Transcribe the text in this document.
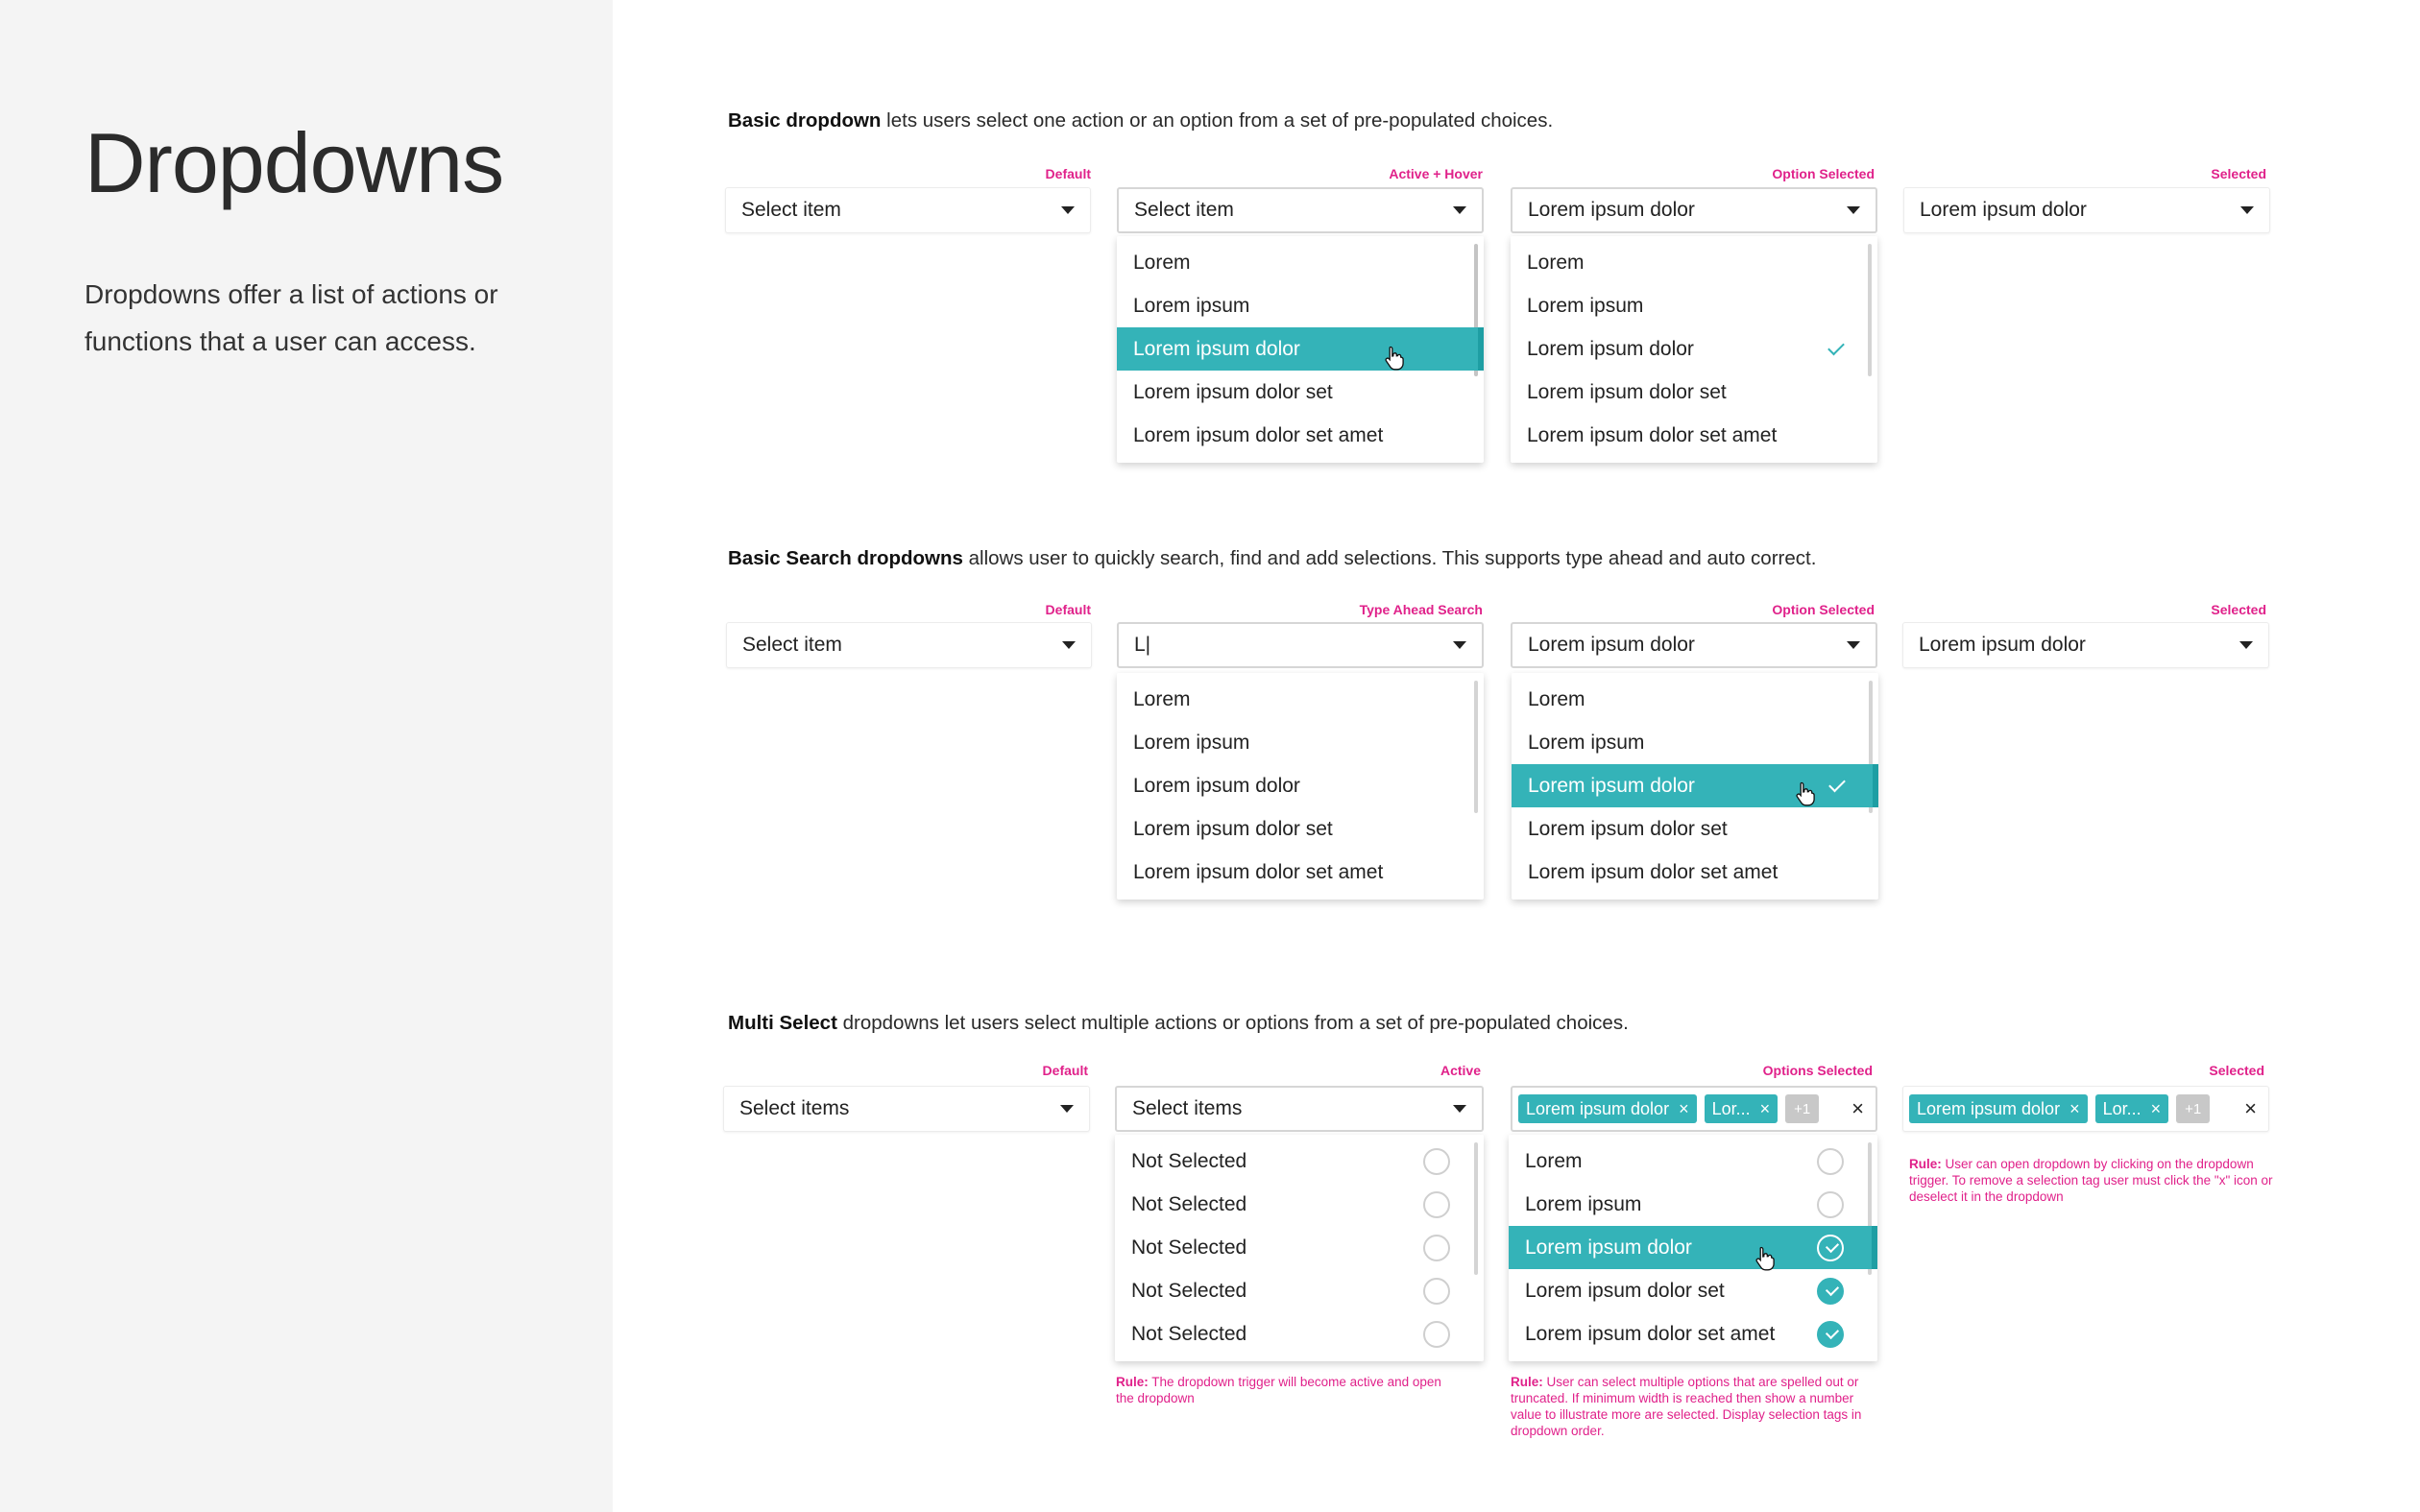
Dropdowns

Dropdowns offer a list of actions or functions that a user can access.

Basic dropdown lets users select one action or an option from a set of pre-populated choices.
Default	Active + Hover	Option Selected	Selected
Select item	Select item	Lorem ipsum dolor	Lorem ipsum dolor
Lorem
Lorem ipsum
Lorem ipsum dolor
Lorem ipsum dolor set
Lorem ipsum dolor set amet
Lorem
Lorem ipsum
Lorem ipsum dolor
Lorem ipsum dolor set
Lorem ipsum dolor set amet
Basic Search dropdowns allows user to quickly search, find and add selections. This supports type ahead and auto correct.
Default	Type Ahead Search	Option Selected	Selected
Select item	L|	Lorem ipsum dolor	Lorem ipsum dolor
Lorem
Lorem ipsum
Lorem ipsum dolor
Lorem ipsum dolor set
Lorem ipsum dolor set amet
Lorem
Lorem ipsum
Lorem ipsum dolor
Lorem ipsum dolor set
Lorem ipsum dolor set amet
Multi Select dropdowns let users select multiple actions or options from a set of pre-populated choices.
Default	Active	Options Selected	Selected
Select items	Select items	Lorem ipsum dolor × Lor... ×	+1	×	Lorem ipsum dolor × Lor... ×	+1	×
Not Selected
Not Selected
Not Selected
Not Selected
Not Selected
Lorem
Lorem ipsum
Lorem ipsum dolor
Lorem ipsum dolor set
Lorem ipsum dolor set amet
Rule: The dropdown trigger will become active and open the dropdown
Rule: User can select multiple options that are spelled out or truncated. If minimum width is reached then show a number value to illustrate more are selected. Display selection tags in dropdown order.
Rule: User can open dropdown by clicking on the dropdown trigger. To remove a selection tag user must click the "x" icon or deselect it in the dropdown
